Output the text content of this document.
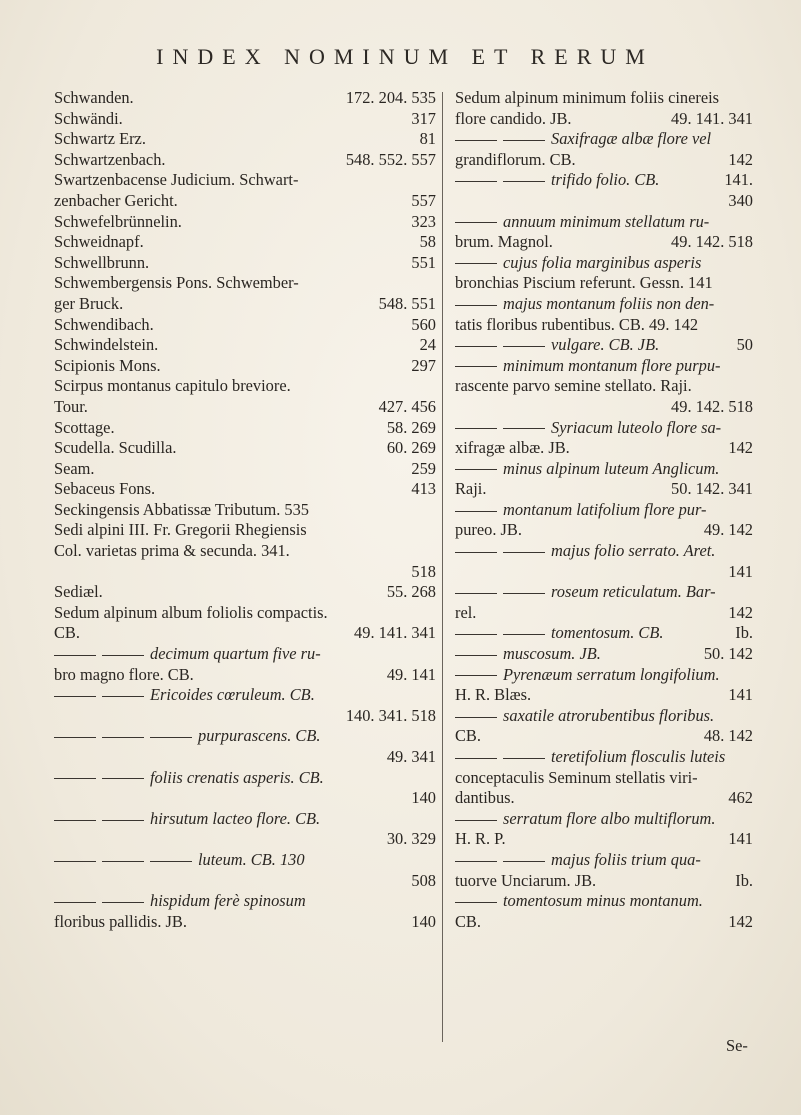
INDEX NOMINUM ET RERUM
Schwanden.	172. 204. 535
Schwändi.	317
Schwartz Erz.	81
Schwartzenbach.	548. 552. 557
Swartzenbacense Judicium. Schwart-
zenbacher Gericht.	557
Schwefelbrünnelin.	323
Schweidnapf.	58
Schwellbrunn.	551
Schwembergensis Pons. Schwember-
ger Bruck.	548. 551
Schwendibach.	560
Schwindelstein.	24
Scipionis Mons.	297
Scirpus montanus capitulo breviore.
Tour.	427. 456
Scottage.	58. 269
Scudella. Scudilla.	60. 269
Seam.	259
Sebaceus Fons.	413
Seckingensis Abbatissæ Tributum. 535
Sedi alpini III. Fr. Gregorii Rhegiensis
Col. varietas prima & secunda. 341.
518
Sediæl.	55. 268
Sedum alpinum album foliolis compactis.
CB.	49. 141. 341
decimum quartum five ru-
bro magno flore. CB.	49. 141
Ericoides cœruleum. CB.
140. 341. 518
purpurascens. CB.
49. 341
foliis crenatis asperis. CB.
140
hirsutum lacteo flore. CB.
30. 329
luteum. CB. 130
508
hispidum ferè spinosum
floribus pallidis. JB.	140
Sedum alpinum minimum foliis cinereis
flore candido. JB.	49. 141. 341
Saxifragæ albæ flore vel
grandiflorum. CB.	142
trifido folio. CB.	141.
340
annuum minimum stellatum ru-
brum. Magnol.	49. 142. 518
cujus folia marginibus asperis
bronchias Piscium referunt. Gessn. 141
majus montanum foliis non den-
tatis floribus rubentibus. CB. 49. 142
vulgare. CB. JB.	50
minimum montanum flore purpu-
rascente parvo semine stellato. Raji.
49. 142. 518
Syriacum luteolo flore sa-
xifragæ albæ. JB.	142
minus alpinum luteum Anglicum.
Raji.	50. 142. 341
montanum latifolium flore pur-
pureo. JB.	49. 142
majus folio serrato. Aret.
141
roseum reticulatum. Bar-
rel.	142
tomentosum. CB.	Ib.
muscosum. JB.	50. 142
Pyrenæum serratum longifolium.
H. R. Blæs.	141
saxatile atrorubentibus floribus.
CB.	48. 142
teretifolium flosculis luteis
conceptaculis Seminum stellatis viri-
dantibus.	462
serratum flore albo multiflorum.
H. R. P.	141
majus foliis trium qua-
tuorve Unciarum. JB.	Ib.
tomentosum minus montanum.
CB.	142
Se-
